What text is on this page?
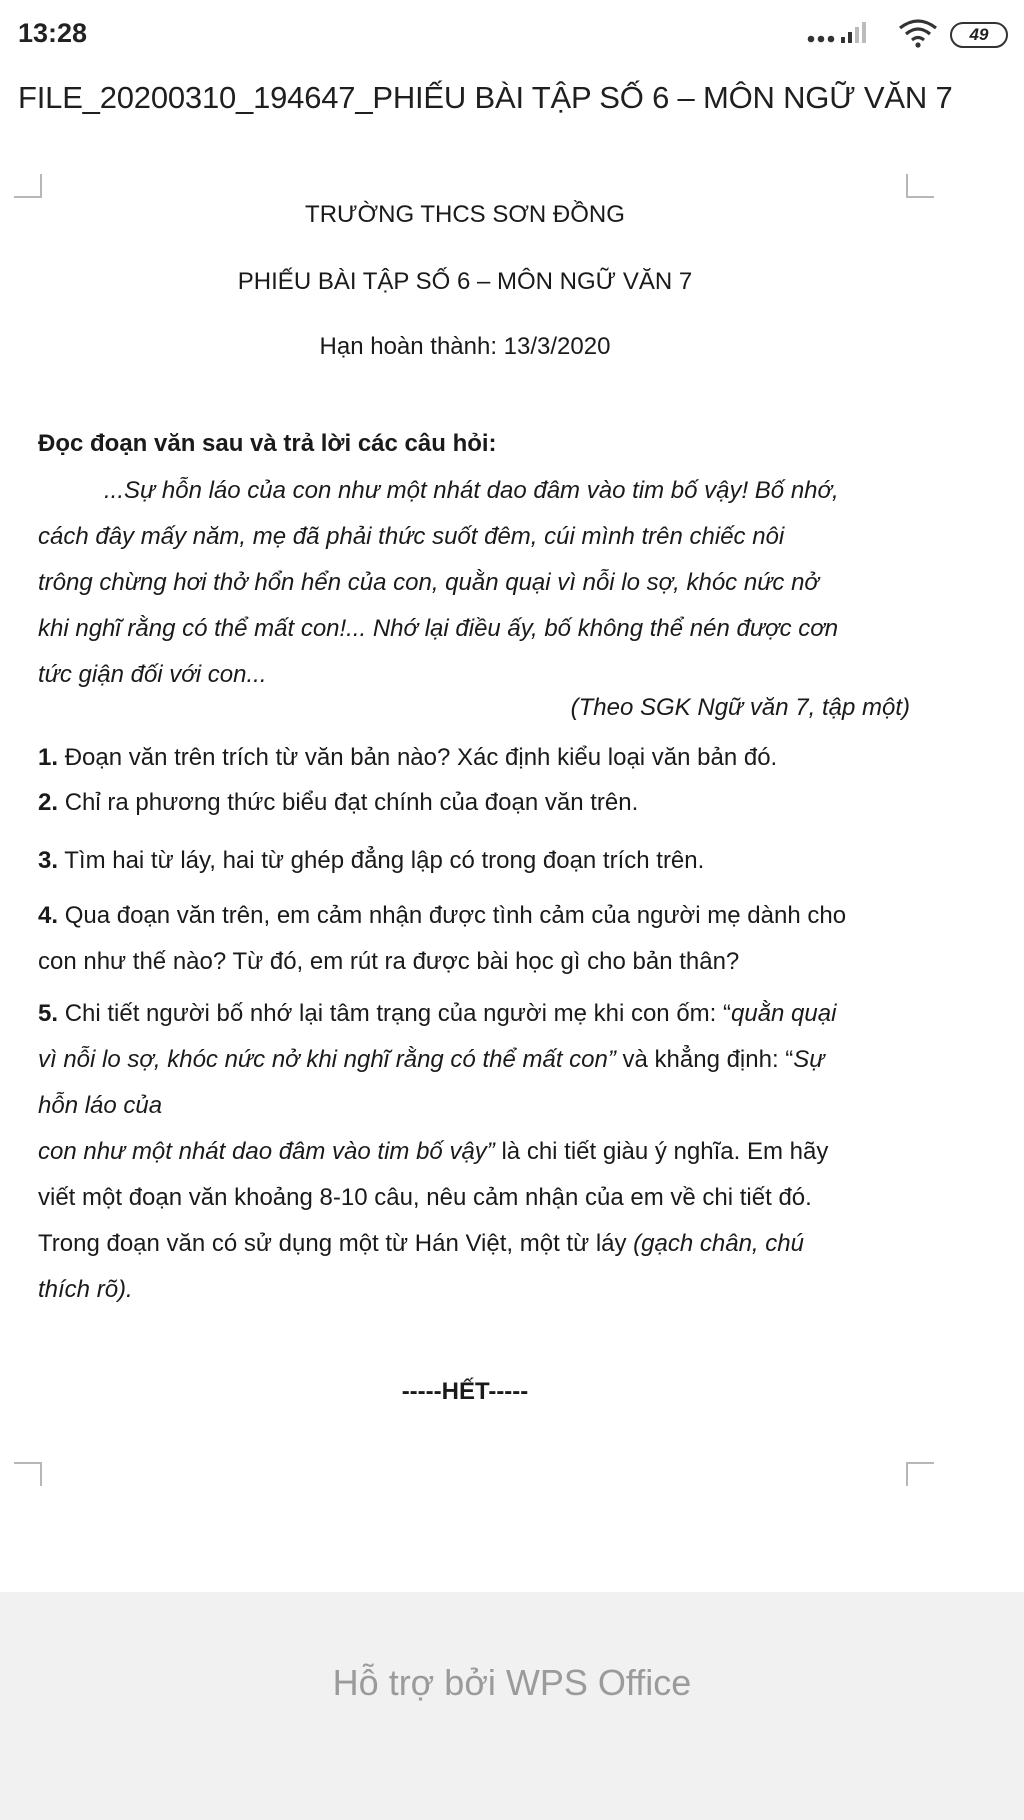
13:28	49
FILE_20200310_194647_PHIẾU BÀI TẬP SỐ 6 – MÔN NGỮ VĂN 7
TRƯỜNG THCS SƠN ĐỒNG
PHIẾU BÀI TẬP SỐ 6 – MÔN NGỮ VĂN 7
Hạn hoàn thành: 13/3/2020
Đọc đoạn văn sau và trả lời các câu hỏi:
...Sự hỗn láo của con như một nhát dao đâm vào tim bố vậy! Bố nhớ,
cách đây mấy năm, mẹ đã phải thức suốt đêm, cúi mình trên chiếc nôi
trông chừng hơi thở hổn hển của con, quằn quại vì nỗi lo sợ, khóc nức nở
khi nghĩ rằng có thể mất con!... Nhớ lại điều ấy, bố không thể nén được cơn
tức giận đối với con...
(Theo SGK Ngữ văn 7, tập một)
1. Đoạn văn trên trích từ văn bản nào? Xác định kiểu loại văn bản đó.
2. Chỉ ra phương thức biểu đạt chính của đoạn văn trên.
3. Tìm hai từ láy, hai từ ghép đẳng lập có trong đoạn trích trên.
4. Qua đoạn văn trên, em cảm nhận được tình cảm của người mẹ dành cho
con như thế nào? Từ đó, em rút ra được bài học gì cho bản thân?
5. Chi tiết người bố nhớ lại tâm trạng của người mẹ khi con ốm: “quằn quại
vì nỗi lo sợ, khóc nức nở khi nghĩ rằng có thể mất con” và khẳng định: “Sự
hỗn láo của
con như một nhát dao đâm vào tim bố vậy” là chi tiết giàu ý nghĩa. Em hãy
viết một đoạn văn khoảng 8-10 câu, nêu cảm nhận của em về chi tiết đó.
Trong đoạn văn có sử dụng một từ Hán Việt, một từ láy (gạch chân, chú
thích rõ).
-----HẾT-----
Hỗ trợ bởi WPS Office
